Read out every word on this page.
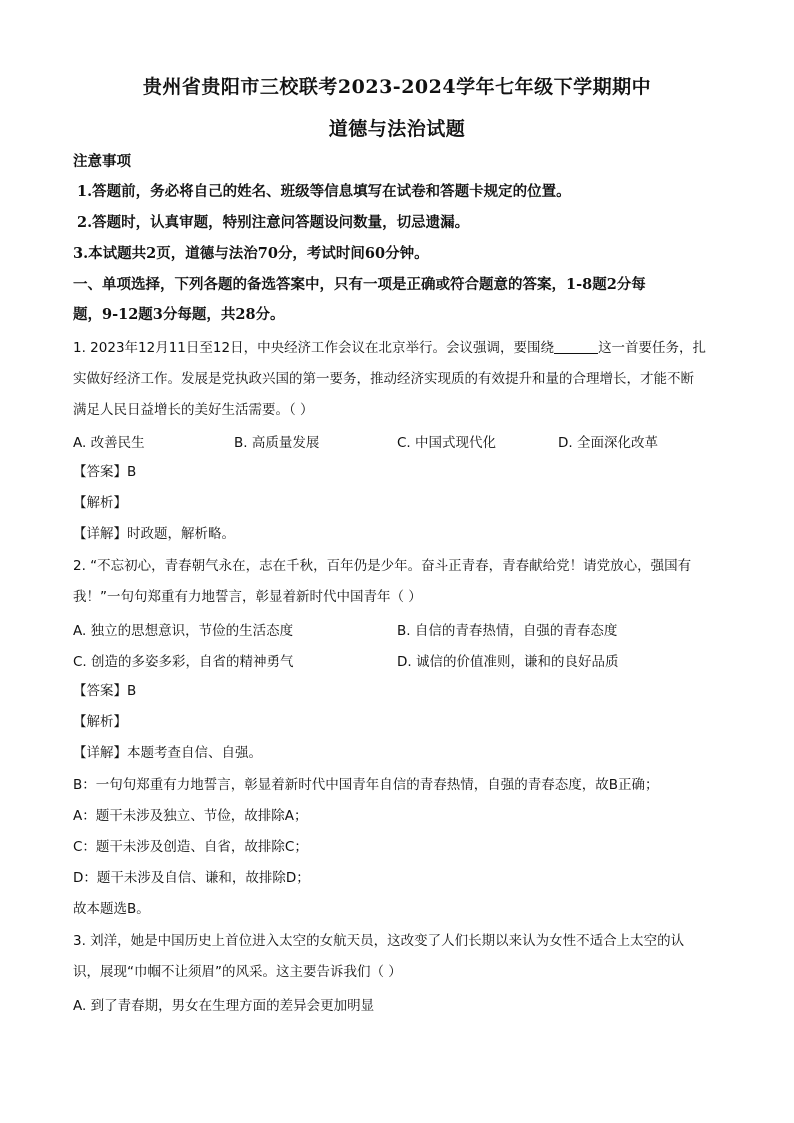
贵州省贵阳市三校联考2023-2024学年七年级下学期期中
道德与法治试题
注意事项
1.答题前，务必将自己的姓名、班级等信息填写在试卷和答题卡规定的位置。
2.答题时，认真审题，特别注意问答题设问数量，切忌遗漏。
3.本试题共2页，道德与法治70分，考试时间60分钟。
一、单项选择，下列各题的备选答案中，只有一项是正确或符合题意的答案，1-8题2分每
题，9-12题3分每题，共28分。
1. 2023年12月11日至12日，中央经济工作会议在北京举行。会议强调，要围绕	这一首要任务，扎
实做好经济工作。发展是党执政兴国的第一要务，推动经济实现质的有效提升和量的合理增长，才能不断
满足人民日益增长的美好生活需要。（ ）
A. 改善民生	B. 高质量发展	C. 中国式现代化	D. 全面深化改革
【答案】B
【解析】
【详解】时政题，解析略。
2. “不忘初心，青春朝气永在，志在千秋，百年仍是少年。奋斗正青春，青春献给党！请党放心，强国有
我！”一句句郑重有力地誓言，彰显着新时代中国青年（ ）
A. 独立的思想意识，节俭的生活态度	B. 自信的青春热情，自强的青春态度
C. 创造的多姿多彩，自省的精神勇气	D. 诚信的价值准则，谦和的良好品质
【答案】B
【解析】
【详解】本题考查自信、自强。
B：一句句郑重有力地誓言，彰显着新时代中国青年自信的青春热情，自强的青春态度，故B正确；
A：题干未涉及独立、节俭，故排除A；
C：题干未涉及创造、自省，故排除C；
D：题干未涉及自信、谦和，故排除D；
故本题选B。
3. 刘洋，她是中国历史上首位进入太空的女航天员，这改变了人们长期以来认为女性不适合上太空的认
识，展现“巾帼不让须眉”的风采。这主要告诉我们（ ）
A. 到了青春期，男女在生理方面的差异会更加明显
